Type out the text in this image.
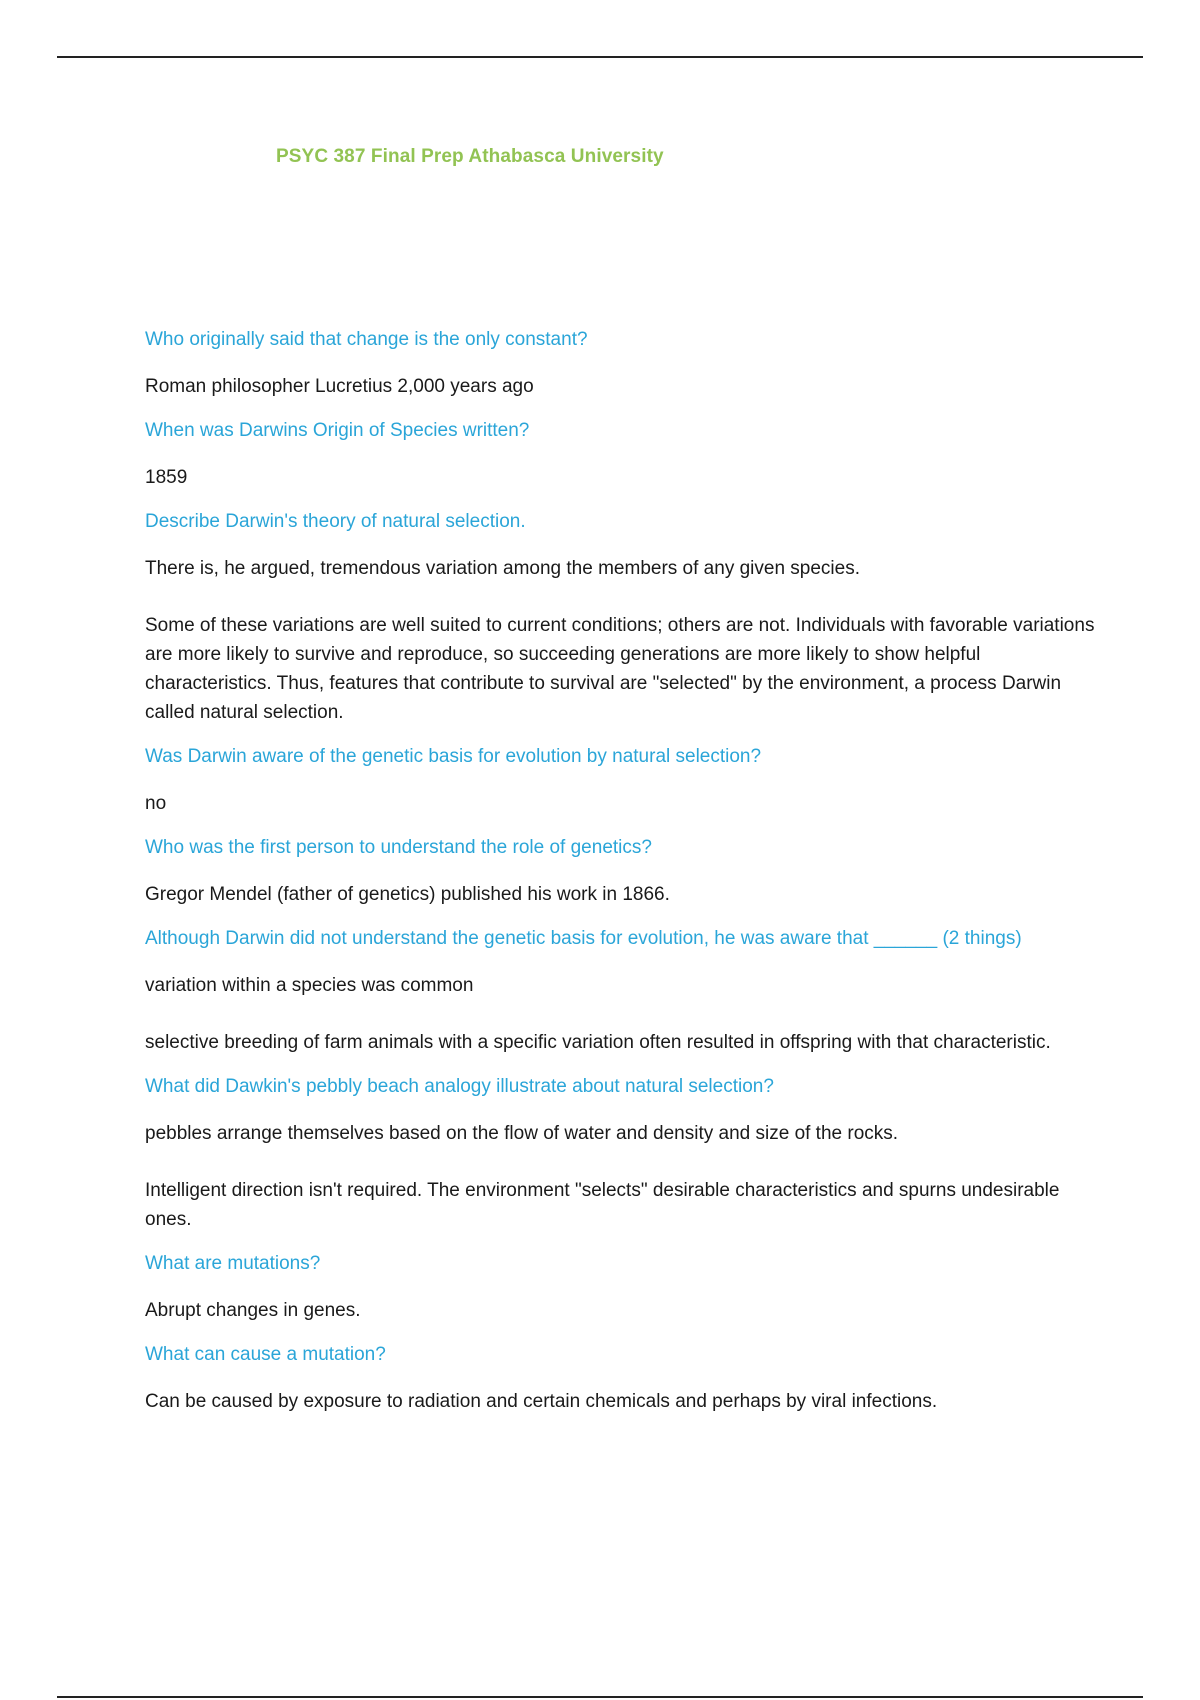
PSYC 387 Final Prep Athabasca University

Who originally said that change is the only constant?

Roman philosopher Lucretius 2,000 years ago

When was Darwins Origin of Species written?

1859

Describe Darwin's theory of natural selection.

There is, he argued, tremendous variation among the members of any given species.

Some of these variations are well suited to current conditions; others are not. Individuals with favorable variations are more likely to survive and reproduce, so succeeding generations are more likely to show helpful characteristics. Thus, features that contribute to survival are "selected" by the environment, a process Darwin called natural selection.

Was Darwin aware of the genetic basis for evolution by natural selection?

no

Who was the first person to understand the role of genetics?

Gregor Mendel (father of genetics) published his work in 1866.

Although Darwin did not understand the genetic basis for evolution, he was aware that ______ (2 things)

variation within a species was common

selective breeding of farm animals with a specific variation often resulted in offspring with that characteristic.

What did Dawkin's pebbly beach analogy illustrate about natural selection?

pebbles arrange themselves based on the flow of water and density and size of the rocks.

Intelligent direction isn't required. The environment "selects" desirable characteristics and spurns undesirable ones.

What are mutations?

Abrupt changes in genes.

What can cause a mutation?

Can be caused by exposure to radiation and certain chemicals and perhaps by viral infections.
